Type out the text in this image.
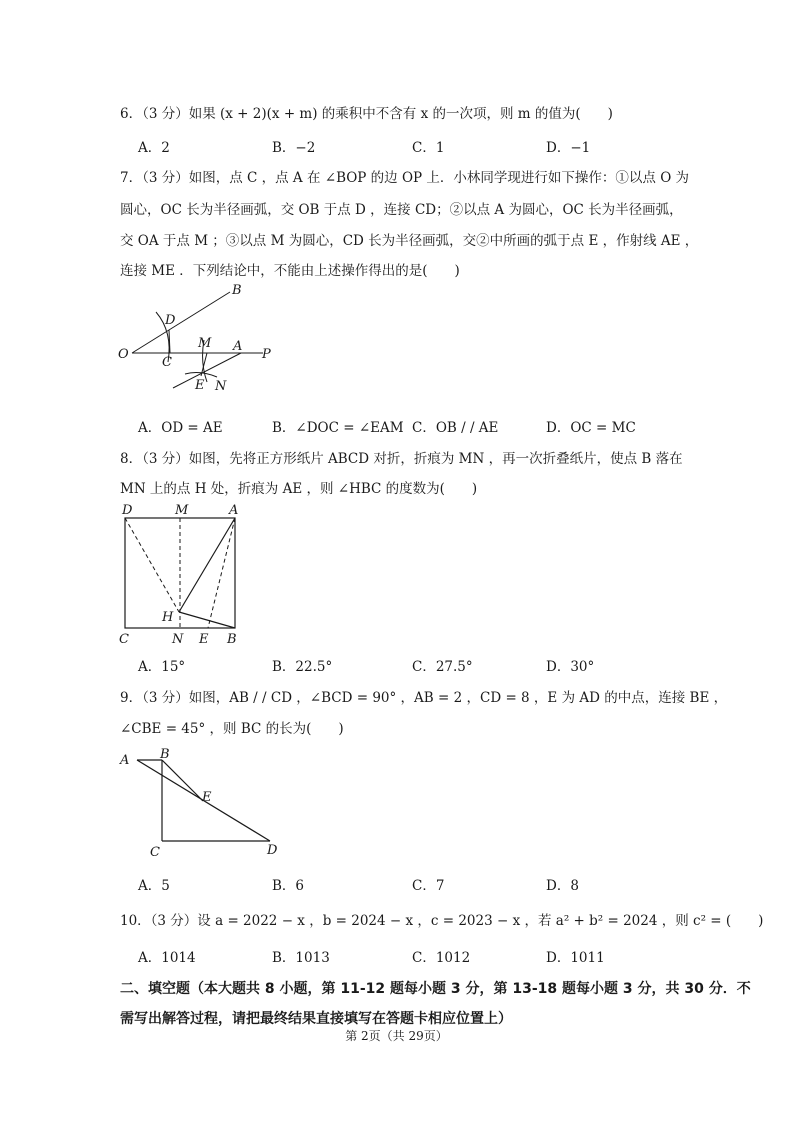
6．（3 分）如果 (x + 2)(x + m) 的乘积中不含有 x 的一次项，则 m 的值为(　　)
A．2	B．−2	C．1	D．−1
7．（3 分）如图，点 C ，点 A 在 ∠BOP 的边 OP 上．小林同学现进行如下操作：①以点 O 为
圆心，OC 长为半径画弧，交 OB 于点 D ，连接 CD；②以点 A 为圆心，OC 长为半径画弧，
交 OA 于点 M ；③以点 M 为圆心，CD 长为半径画弧，交②中所画的弧于点 E ，作射线 AE ，
连接 ME ．下列结论中，不能由上述操作得出的是(　　)
O
B
D
C
M A
P
E N
A．OD = AE	B．∠DOC = ∠EAM C．OB / / AE	D．OC = MC
8．（3 分）如图，先将正方形纸片 ABCD 对折，折痕为 MN ，再一次折叠纸片，使点 B 落在
MN 上的点 H 处，折痕为 AE ，则 ∠HBC 的度数为(　　)
D	M	A
H
C	N E B
A．15°	B．22.5°	C．27.5°	D．30°
9．（3 分）如图，AB / / CD ，∠BCD = 90° ，AB = 2 ，CD = 8 ，E 为 AD 的中点，连接 BE ，
∠CBE = 45° ，则 BC 的长为(　　)
A B
E
C	D
A．5	B．6	C．7	D．8
10．（3 分）设 a = 2022 − x ，b = 2024 − x ，c = 2023 − x ，若 a² + b² = 2024 ，则 c² = (　　)
A．1014	B．1013	C．1012	D．1011
二、填空题（本大题共 8 小题，第 11-12 题每小题 3 分，第 13-18 题每小题 3 分，共 30 分．不
需写出解答过程，请把最终结果直接填写在答题卡相应位置上）
第 2页（共 29页）
